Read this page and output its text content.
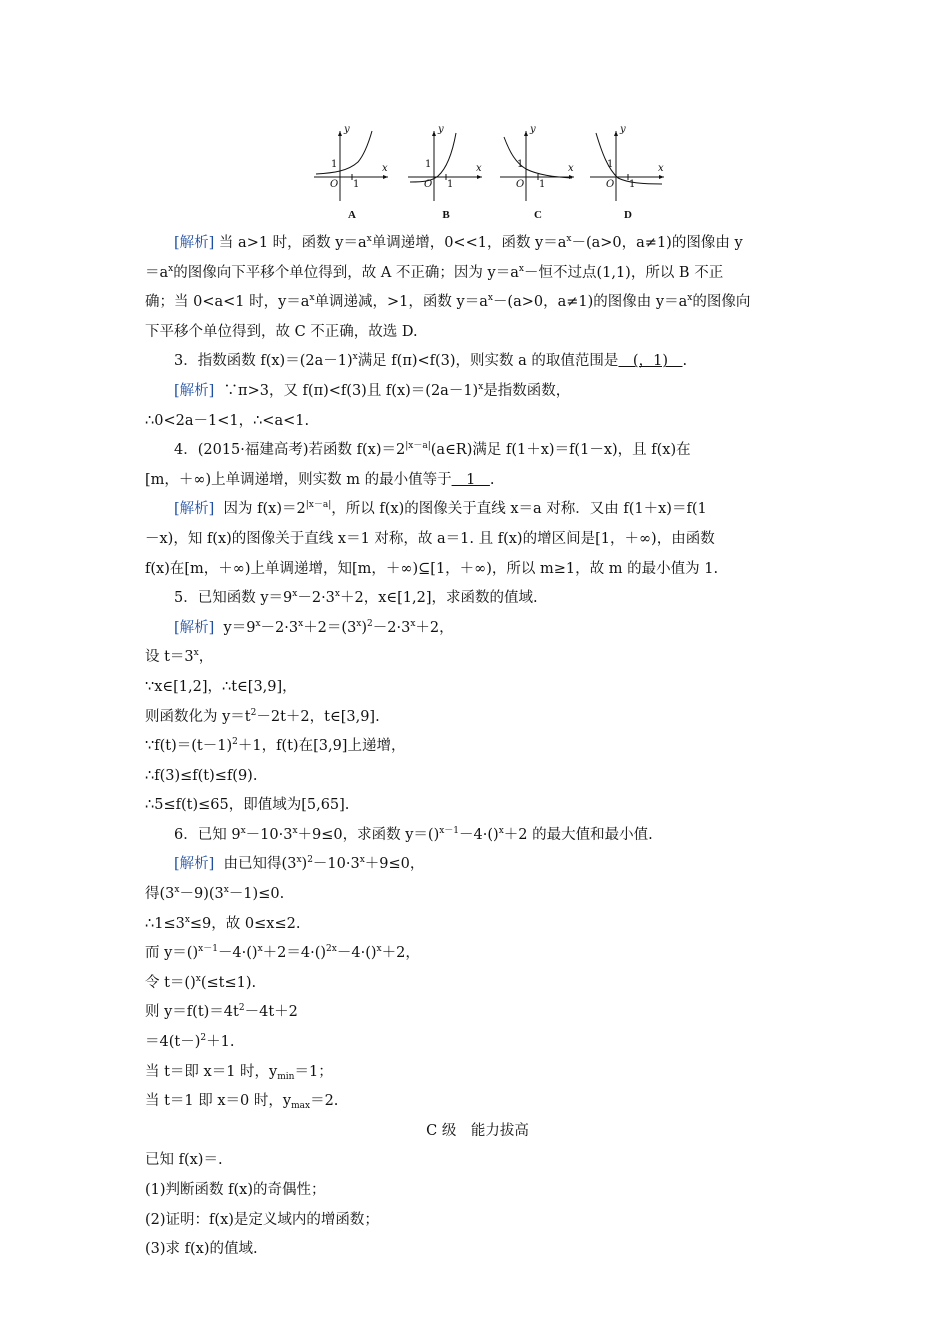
y
x
1
1
O
A
y
x
1
1
O
B
y
x
1
1
O
C
y
x
1
1
O
D
[解析] 当 a>1 时，函数 $y=a^x$单调递增，0<<1，函数 $y=a^x-(a>0$，a≠1)的图像由 y
$=a^x$的图像向下平移个单位得到，故 A 不正确；因为 $y=a^x-$恒不过点(1,1)，所以 B 不正
确；当 0<a<1 时，$y=a^x$单调递减，>1，函数 $y=a^x-(a>0$，a≠1)的图像由 $y=a^x$的图像向
下平移个单位得到，故 C 不正确，故选 D.
3．指数函数 $f(x)=(2a-1)^x$满足 f(π)<f(3)，则实数 a 的取值范围是＿(，1)＿.
[解析]  ∵π>3，又 f(π)<f(3)且 $f(x)=(2a-1)^x$是指数函数，
∴0<2a－1<1，∴<a<1.
4．(2015·福建高考)若函数 $f(x)=2^{|x-a|}(a\in R)$满足 f(1＋x)＝f(1－x)，且 f(x)在
[m，＋∞)上单调递增，则实数 m 的最小值等于＿1＿.
[解析]  因为 $f(x)=2^{|x-a|}$，所以 f(x)的图像关于直线 x＝a 对称．又由 f(1＋x)＝f(1
－x)，知 f(x)的图像关于直线 x＝1 对称，故 a＝1. 且 f(x)的增区间是[1，＋∞)，由函数
f(x)在[m，＋∞)上单调递增，知[m，＋∞)⊆[1，＋∞)，所以 m≥1，故 m 的最小值为 1.
5．已知函数 $y=9^x-2\cdot 3^x+2$，x∈[1,2]，求函数的值域.
[解析]  $y=9^x-2\cdot 3^x+2=(3^x)^2-2\cdot 3^x+2$，
设 $t=3^x$，
∵x∈[1,2]，∴t∈[3,9]，
则函数化为 $y=t^2-2t+2$，t∈[3,9].
$\because f(t)=(t-1)^2+1$，f(t)在[3,9]上递增，
∴f(3)≤f(t)≤f(9).
∴5≤f(t)≤65，即值域为[5,65].
6．已知 $9^x-10\cdot 3^x+9\le 0$，求函数 y＝()$^{x-1}$－4·()$^x$＋2 的最大值和最小值.
[解析]  由已知得$(3^x)^2-10\cdot 3^x+9\le 0$，
得$(3^x-9)(3^x-1)\le 0$.
$\therefore 1\le 3^x\le 9$，故 0≤x≤2.
而 y＝()$^{x-1}$－4·()$^x$＋2＝4·()$^{2x}$－4·()$^x$＋2，
令 t＝()$^x$(≤t≤1).
则 $y=f(t)=4t^2-4t+2$
$=4(t-)^2+1$.
当 t＝即 x＝1 时，$y_{min}=1$；
当 t＝1 即 x＝0 时，$y_{max}=2$.
C 级　能力拔高
已知 f(x)＝.
(1)判断函数 f(x)的奇偶性；
(2)证明：f(x)是定义域内的增函数；
(3)求 f(x)的值域.
